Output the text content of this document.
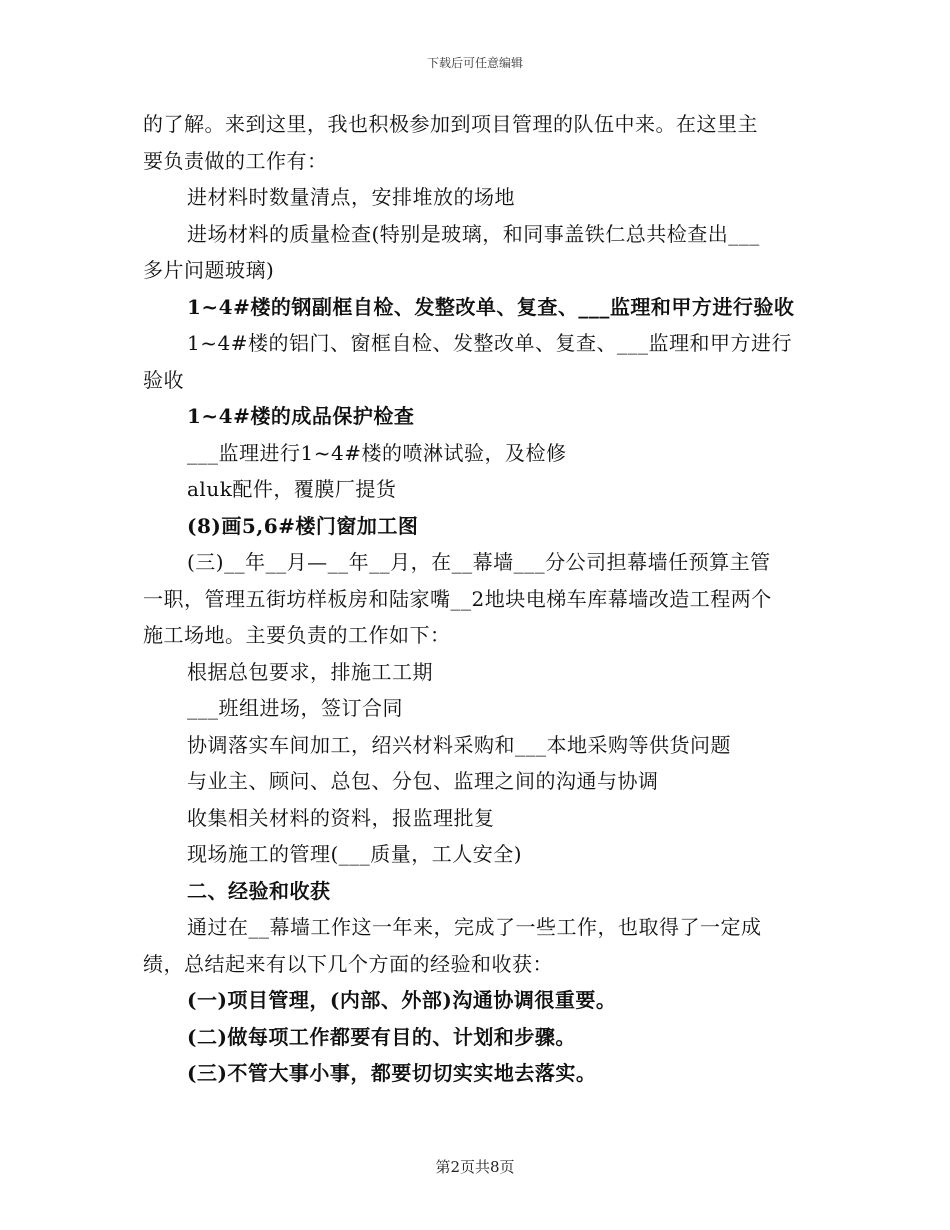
下载后可任意编辑
的了解。来到这里，我也积极参加到项目管理的队伍中来。在这里主
要负责做的工作有：
进材料时数量清点，安排堆放的场地
进场材料的质量检查(特别是玻璃，和同事盖铁仁总共检查出___
多片问题玻璃)
1~4#楼的钢副框自检、发整改单、复查、___监理和甲方进行验收
1~4#楼的铝门、窗框自检、发整改单、复查、___监理和甲方进行
验收
1~4#楼的成品保护检查
___监理进行1~4#楼的喷淋试验，及检修
aluk配件，覆膜厂提货
(8)画5,6#楼门窗加工图
(三)__年__月—__年__月，在__幕墙___分公司担幕墙任预算主管
一职，管理五街坊样板房和陆家嘴__2地块电梯车库幕墙改造工程两个
施工场地。主要负责的工作如下：
根据总包要求，排施工工期
___班组进场，签订合同
协调落实车间加工，绍兴材料采购和___本地采购等供货问题
与业主、顾问、总包、分包、监理之间的沟通与协调
收集相关材料的资料，报监理批复
现场施工的管理(___质量，工人安全)
二、经验和收获
通过在__幕墙工作这一年来，完成了一些工作，也取得了一定成
绩，总结起来有以下几个方面的经验和收获：
(一)项目管理，(内部、外部)沟通协调很重要。
(二)做每项工作都要有目的、计划和步骤。
(三)不管大事小事，都要切切实实地去落实。
第2页共8页
